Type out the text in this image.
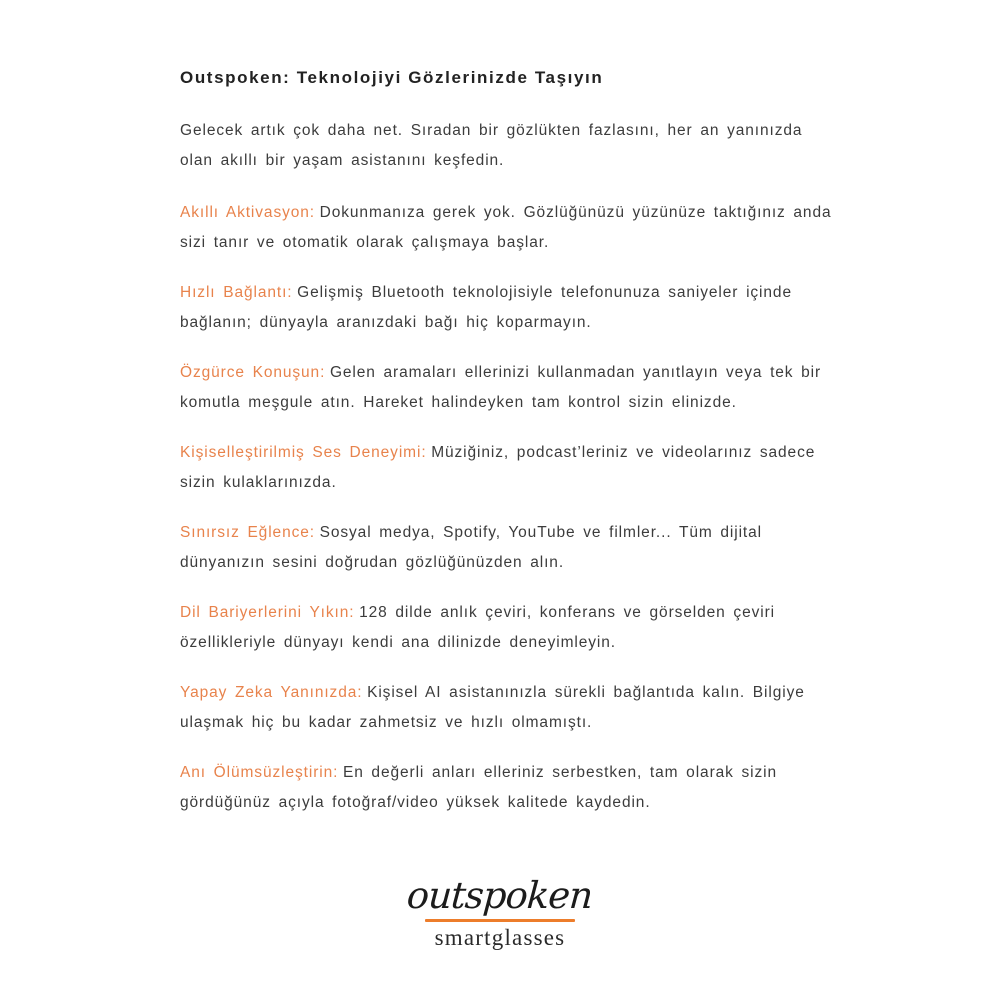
Outspoken: Teknolojiyi Gözlerinizde Taşıyın

Gelecek artık çok daha net. Sıradan bir gözlükten fazlasını, her an yanınızda olan akıllı bir yaşam asistanını keşfedin.

Akıllı Aktivasyon: Dokunmanıza gerek yok. Gözlüğünüzü yüzünüze taktığınız anda sizi tanır ve otomatik olarak çalışmaya başlar.

Hızlı Bağlantı: Gelişmiş Bluetooth teknolojisiyle telefonunuza saniyeler içinde bağlanın; dünyayla aranızdaki bağı hiç koparmayın.

Özgürce Konuşun: Gelen aramaları ellerinizi kullanmadan yanıtlayın veya tek bir komutla meşgule atın. Hareket halindeyken tam kontrol sizin elinizde.

Kişiselleştirilmiş Ses Deneyimi: Müziğiniz, podcast’leriniz ve videolarınız sadece sizin kulaklarınızda.

Sınırsız Eğlence: Sosyal medya, Spotify, YouTube ve filmler... Tüm dijital dünyanızın sesini doğrudan gözlüğünüzden alın.

Dil Bariyerlerini Yıkın: 128 dilde anlık çeviri, konferans ve görselden çeviri özellikleriyle dünyayı kendi ana dilinizde deneyimleyin.

Yapay Zeka Yanınızda: Kişisel AI asistanınızla sürekli bağlantıda kalın. Bilgiye ulaşmak hiç bu kadar zahmetsiz ve hızlı olmamıştı.

Anı Ölümsüzleştirin: En değerli anları elleriniz serbestken, tam olarak sizin gördüğünüz açıyla fotoğraf/video yüksek kalitede kaydedin.

outspoken
smartglasses
